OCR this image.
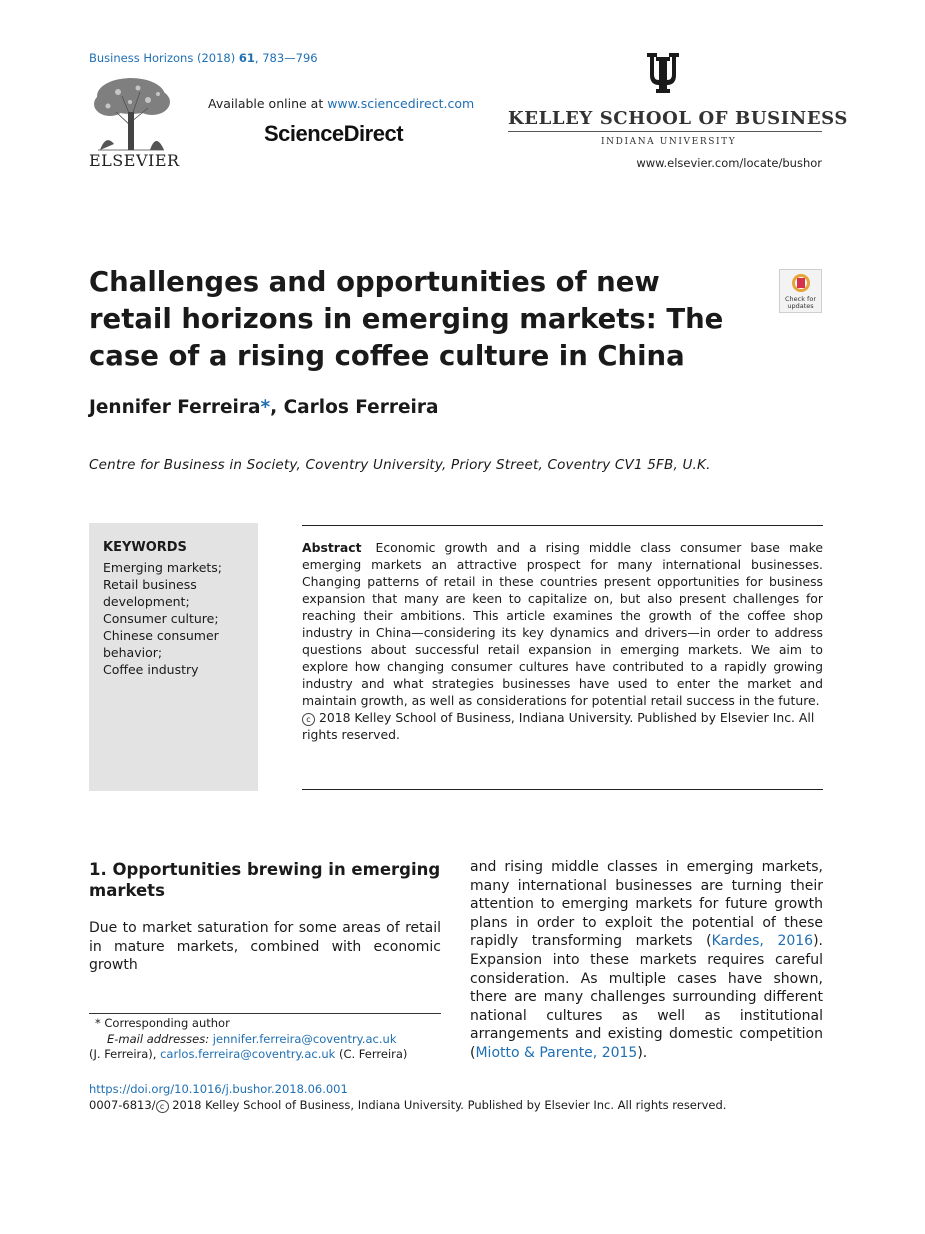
Business Horizons (2018) 61, 783—796
ELSEVIER
Available online at www.sciencedirect.com
ScienceDirect
KELLEY SCHOOL OF BUSINESS
INDIANA UNIVERSITY
www.elsevier.com/locate/bushor
Challenges and opportunities of new retail horizons in emerging markets: The case of a rising coffee culture in China
Check for
updates
Jennifer Ferreira*, Carlos Ferreira
Centre for Business in Society, Coventry University, Priory Street, Coventry CV1 5FB, U.K.
KEYWORDS
Emerging markets;
Retail business development;
Consumer culture;
Chinese consumer behavior;
Coffee industry

Abstract Economic growth and a rising middle class consumer base make emerging markets an attractive prospect for many international businesses. Changing patterns of retail in these countries present opportunities for business expansion that many are keen to capitalize on, but also present challenges for reaching their ambitions. This article examines the growth of the coffee shop industry in China—considering its key dynamics and drivers—in order to address questions about successful retail expansion in emerging markets. We aim to explore how changing consumer cultures have contributed to a rapidly growing industry and what strategies businesses have used to enter the market and maintain growth, as well as considerations for potential retail success in the future.

c 2018 Kelley School of Business, Indiana University. Published by Elsevier Inc. All rights reserved.

1. Opportunities brewing in emerging markets

Due to market saturation for some areas of retail in mature markets, combined with economic growth

and rising middle classes in emerging markets, many international businesses are turning their attention to emerging markets for future growth plans in order to exploit the potential of these rapidly transforming markets (Kardes, 2016). Expansion into these markets requires careful consideration. As multiple cases have shown, there are many challenges surrounding different national cultures as well as institutional arrangements and existing domestic competition (Miotto & Parente, 2015).

* Corresponding author
E-mail addresses: jennifer.ferreira@coventry.ac.uk
(J. Ferreira), carlos.ferreira@coventry.ac.uk (C. Ferreira)
https://doi.org/10.1016/j.bushor.2018.06.001
0007-6813/ c 2018 Kelley School of Business, Indiana University. Published by Elsevier Inc. All rights reserved.
